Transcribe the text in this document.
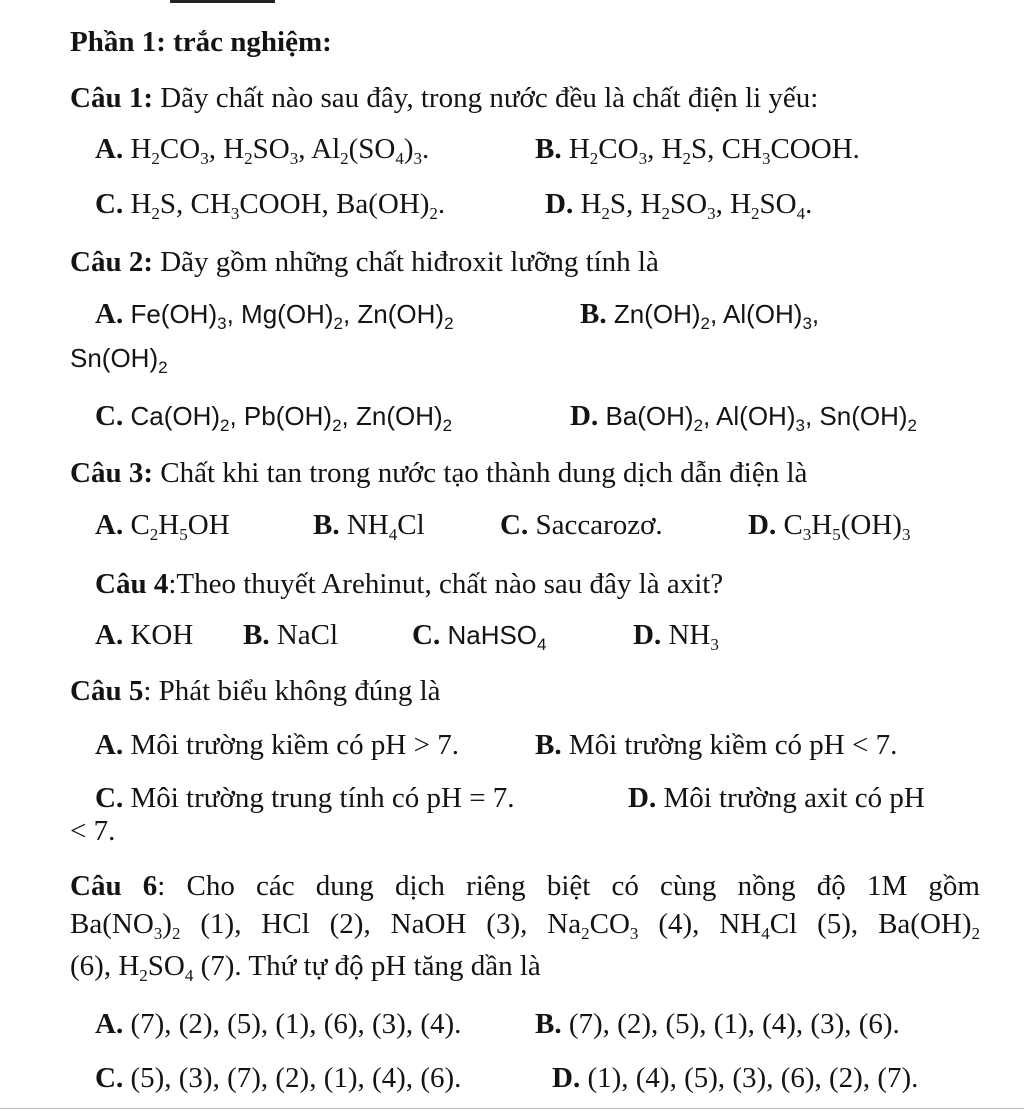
Phần 1: trắc nghiệm:
Câu 1: Dãy chất nào sau đây, trong nước đều là chất điện li yếu:
A. $H_2CO_3$, $H_2SO_3$, $Al_2(SO_4)_3$.	B. $H_2CO_3$, $H_2S$, $CH_3COOH$.
C. $H_2S$, $CH_3COOH$, $Ba(OH)_2$.	D. $H_2S$, $H_2SO_3$, $H_2SO_4$.
Câu 2: Dãy gồm những chất hiđroxit lưỡng tính là
A. $Fe(OH)_3$, $Mg(OH)_2$, $Zn(OH)_2$	B. $Zn(OH)_2$, $Al(OH)_3$,
$Sn(OH)_2$
C. $Ca(OH)_2$, $Pb(OH)_2$, $Zn(OH)_2$	D. $Ba(OH)_2$, $Al(OH)_3$, $Sn(OH)_2$
Câu 3: Chất khi tan trong nước tạo thành dung dịch dẫn điện là
A. $C_2H_5OH$	B. $NH_4Cl$	C. Saccarozơ.	D. $C_3H_5(OH)_3$
Câu 4:Theo thuyết Arehinut, chất nào sau đây là axit?
A. KOH B. NaCl	C. NaHSO$_4$	D. $NH_3$
Câu 5: Phát biểu không đúng là
A. Môi trường kiềm có pH > 7.	B. Môi trường kiềm có pH < 7.
C. Môi trường trung tính có pH = 7.	D. Môi trường axit có pH
< 7.
Câu 6: Cho các dung dịch riêng biệt có cùng nồng độ 1M gồm
$Ba(NO_3)_2$ (1), HCl (2), NaOH (3), $Na_2CO_3$ (4), $NH_4Cl$ (5), $Ba(OH)_2$
(6), $H_2SO_4$ (7). Thứ tự độ pH tăng dần là
A. (7), (2), (5), (1), (6), (3), (4).	B. (7), (2), (5), (1), (4), (3), (6).
C. (5), (3), (7), (2), (1), (4), (6).	D. (1), (4), (5), (3), (6), (2), (7).
